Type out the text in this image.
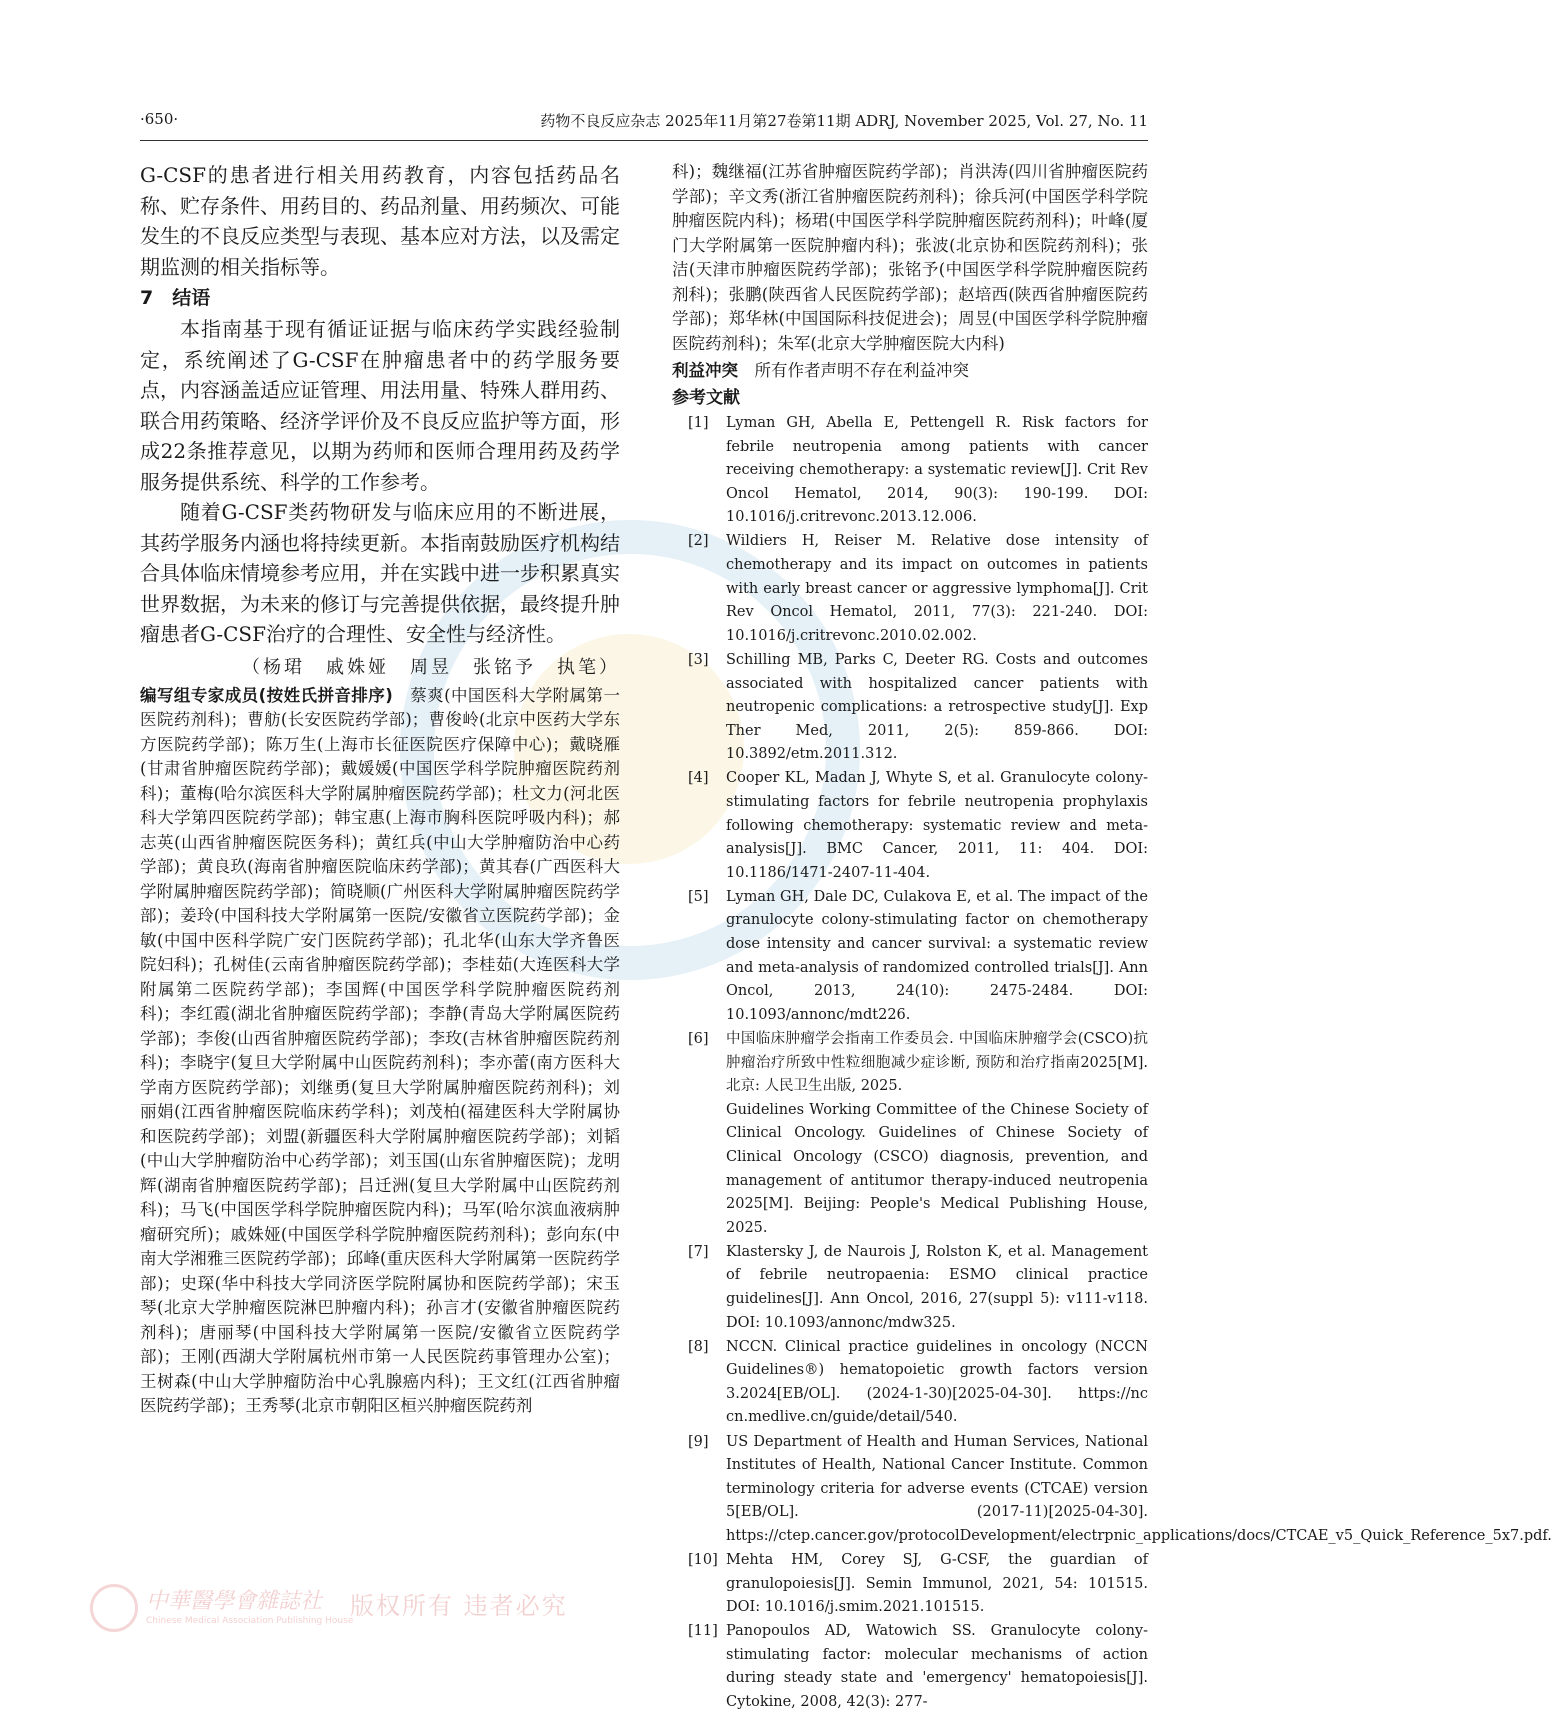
·650·	药物不良反应杂志 2025年11月第27卷第11期 ADRJ, November 2025, Vol. 27, No. 11

G-CSF的患者进行相关用药教育，内容包括药品名称、贮存条件、用药目的、药品剂量、用药频次、可能发生的不良反应类型与表现、基本应对方法，以及需定期监测的相关指标等。

7　结语

本指南基于现有循证证据与临床药学实践经验制定，系统阐述了G-CSF在肿瘤患者中的药学服务要点，内容涵盖适应证管理、用法用量、特殊人群用药、联合用药策略、经济学评价及不良反应监护等方面，形成22条推荐意见，以期为药师和医师合理用药及药学服务提供系统、科学的工作参考。

随着G-CSF类药物研发与临床应用的不断进展，其药学服务内涵也将持续更新。本指南鼓励医疗机构结合具体临床情境参考应用，并在实践中进一步积累真实世界数据，为未来的修订与完善提供依据，最终提升肿瘤患者G-CSF治疗的合理性、安全性与经济性。

（杨珺　戚姝娅　周昱　张铭予　执笔）

编写组专家成员(按姓氏拼音排序)　蔡爽(中国医科大学附属第一医院药剂科)；曹舫(长安医院药学部)；曹俊岭(北京中医药大学东方医院药学部)；陈万生(上海市长征医院医疗保障中心)；戴晓雁(甘肃省肿瘤医院药学部)；戴媛媛(中国医学科学院肿瘤医院药剂科)；董梅(哈尔滨医科大学附属肿瘤医院药学部)；杜文力(河北医科大学第四医院药学部)；韩宝惠(上海市胸科医院呼吸内科)；郝志英(山西省肿瘤医院医务科)；黄红兵(中山大学肿瘤防治中心药学部)；黄良玖(海南省肿瘤医院临床药学部)；黄其春(广西医科大学附属肿瘤医院药学部)；简晓顺(广州医科大学附属肿瘤医院药学部)；姜玲(中国科技大学附属第一医院/安徽省立医院药学部)；金敏(中国中医科学院广安门医院药学部)；孔北华(山东大学齐鲁医院妇科)；孔树佳(云南省肿瘤医院药学部)；李桂茹(大连医科大学附属第二医院药学部)；李国辉(中国医学科学院肿瘤医院药剂科)；李红霞(湖北省肿瘤医院药学部)；李静(青岛大学附属医院药学部)；李俊(山西省肿瘤医院药学部)；李玫(吉林省肿瘤医院药剂科)；李晓宇(复旦大学附属中山医院药剂科)；李亦蕾(南方医科大学南方医院药学部)；刘继勇(复旦大学附属肿瘤医院药剂科)；刘丽娟(江西省肿瘤医院临床药学科)；刘茂柏(福建医科大学附属协和医院药学部)；刘盟(新疆医科大学附属肿瘤医院药学部)；刘韬(中山大学肿瘤防治中心药学部)；刘玉国(山东省肿瘤医院)；龙明辉(湖南省肿瘤医院药学部)；吕迁洲(复旦大学附属中山医院药剂科)；马飞(中国医学科学院肿瘤医院内科)；马军(哈尔滨血液病肿瘤研究所)；戚姝娅(中国医学科学院肿瘤医院药剂科)；彭向东(中南大学湘雅三医院药学部)；邱峰(重庆医科大学附属第一医院药学部)；史琛(华中科技大学同济医学院附属协和医院药学部)；宋玉琴(北京大学肿瘤医院淋巴肿瘤内科)；孙言才(安徽省肿瘤医院药剂科)；唐丽琴(中国科技大学附属第一医院/安徽省立医院药学部)；王刚(西湖大学附属杭州市第一人民医院药事管理办公室)；王树森(中山大学肿瘤防治中心乳腺癌内科)；王文红(江西省肿瘤医院药学部)；王秀琴(北京市朝阳区桓兴肿瘤医院药剂

科)；魏继福(江苏省肿瘤医院药学部)；肖洪涛(四川省肿瘤医院药学部)；辛文秀(浙江省肿瘤医院药剂科)；徐兵河(中国医学科学院肿瘤医院内科)；杨珺(中国医学科学院肿瘤医院药剂科)；叶峰(厦门大学附属第一医院肿瘤内科)；张波(北京协和医院药剂科)；张洁(天津市肿瘤医院药学部)；张铭予(中国医学科学院肿瘤医院药剂科)；张鹏(陕西省人民医院药学部)；赵培西(陕西省肿瘤医院药学部)；郑华林(中国国际科技促进会)；周昱(中国医学科学院肿瘤医院药剂科)；朱军(北京大学肿瘤医院大内科)

利益冲突　所有作者声明不存在利益冲突

参考文献

[1] Lyman GH, Abella E, Pettengell R. Risk factors for febrile neutropenia among patients with cancer receiving chemotherapy: a systematic review[J]. Crit Rev Oncol Hematol, 2014, 90(3): 190-199. DOI: 10.1016/j.critrevonc.2013.12.006.
[2] Wildiers H, Reiser M. Relative dose intensity of chemotherapy and its impact on outcomes in patients with early breast cancer or aggressive lymphoma[J]. Crit Rev Oncol Hematol, 2011, 77(3): 221-240. DOI: 10.1016/j.critrevonc.2010.02.002.
[3] Schilling MB, Parks C, Deeter RG. Costs and outcomes associated with hospitalized cancer patients with neutropenic complications: a retrospective study[J]. Exp Ther Med, 2011, 2(5): 859-866. DOI: 10.3892/etm.2011.312.
[4] Cooper KL, Madan J, Whyte S, et al. Granulocyte colony-stimulating factors for febrile neutropenia prophylaxis following chemotherapy: systematic review and meta-analysis[J]. BMC Cancer, 2011, 11: 404. DOI: 10.1186/1471-2407-11-404.
[5] Lyman GH, Dale DC, Culakova E, et al. The impact of the granulocyte colony-stimulating factor on chemotherapy dose intensity and cancer survival: a systematic review and meta-analysis of randomized controlled trials[J]. Ann Oncol, 2013, 24(10): 2475-2484. DOI: 10.1093/annonc/mdt226.
[6] 中国临床肿瘤学会指南工作委员会. 中国临床肿瘤学会(CSCO)抗肿瘤治疗所致中性粒细胞减少症诊断, 预防和治疗指南2025[M]. 北京: 人民卫生出版, 2025.
Guidelines Working Committee of the Chinese Society of Clinical Oncology. Guidelines of Chinese Society of Clinical Oncology (CSCO) diagnosis, prevention, and management of antitumor therapy-induced neutropenia 2025[M]. Beijing: People's Medical Publishing House, 2025.
[7] Klastersky J, de Naurois J, Rolston K, et al. Management of febrile neutropaenia: ESMO clinical practice guidelines[J]. Ann Oncol, 2016, 27(suppl 5): v111-v118. DOI: 10.1093/annonc/mdw325.
[8] NCCN. Clinical practice guidelines in oncology (NCCN Guidelines®) hematopoietic growth factors version 3.2024[EB/OL]. (2024-1-30)[2025-04-30]. https://nc cn.medlive.cn/guide/detail/540.
[9] US Department of Health and Human Services, National Institutes of Health, National Cancer Institute. Common terminology criteria for adverse events (CTCAE) version 5[EB/OL]. (2017-11)[2025-04-30]. https://ctep.cancer.gov/protocolDevelopment/electrpnic_applications/docs/CTCAE_v5_Quick_Reference_5x7.pdf.
[10] Mehta HM, Corey SJ, G-CSF, the guardian of granulopoiesis[J]. Semin Immunol, 2021, 54: 101515. DOI: 10.1016/j.smim.2021.101515.
[11] Panopoulos AD, Watowich SS. Granulocyte colony-stimulating factor: molecular mechanisms of action during steady state and 'emergency' hematopoiesis[J]. Cytokine, 2008, 42(3): 277-
中華醫學會雜誌社
Chinese Medical Association Publishing House
版权所有 违者必究
